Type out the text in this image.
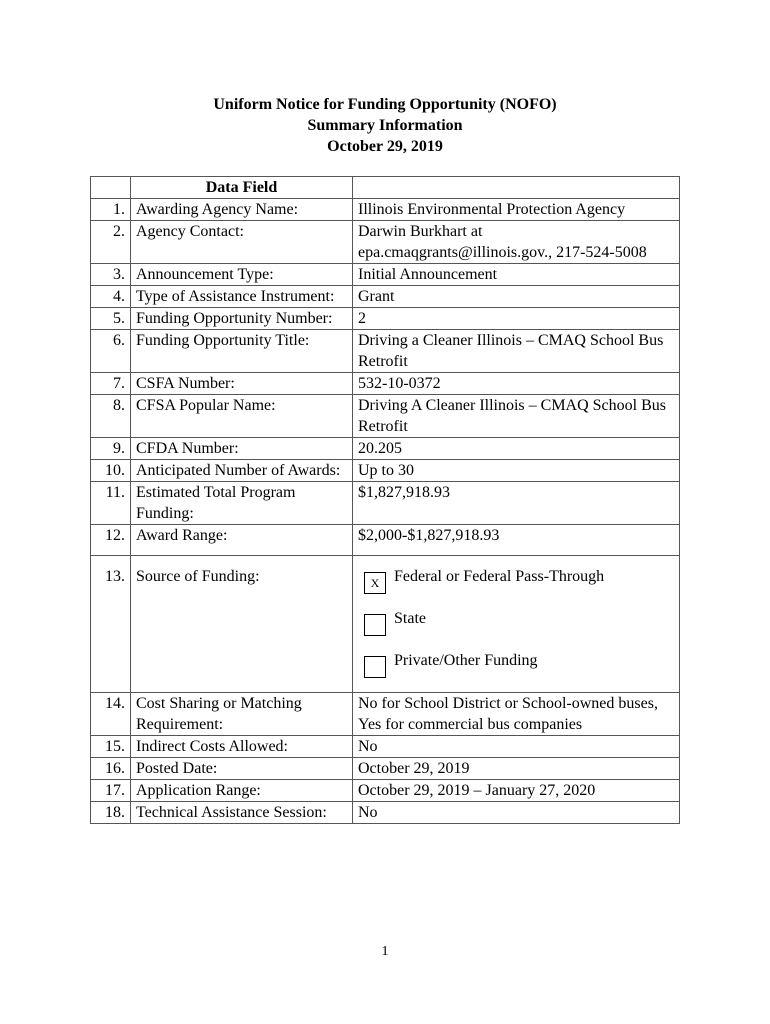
Uniform Notice for Funding Opportunity (NOFO)
Summary Information
October 29, 2019
	Data Field	
1.	Awarding Agency Name:	Illinois Environmental Protection Agency
2.	Agency Contact:	Darwin Burkhart at epa.cmaqgrants@illinois.gov., 217-524-5008
3.	Announcement Type:	Initial Announcement
4.	Type of Assistance Instrument:	Grant
5.	Funding Opportunity Number:	2
6.	Funding Opportunity Title:	Driving a Cleaner Illinois – CMAQ School Bus Retrofit
7.	CSFA Number:	532-10-0372
8.	CFSA Popular Name:	Driving A Cleaner Illinois – CMAQ School Bus Retrofit
9.	CFDA Number:	20.205
10.	Anticipated Number of Awards:	Up to 30
11.	Estimated Total Program Funding:	$1,827,918.93
12.	Award Range:	$2,000-$1,827,918.93
13.	Source of Funding:	X Federal or Federal Pass-Through
State
Private/Other Funding

14.	Cost Sharing or Matching Requirement:	No for School District or School-owned buses, Yes for commercial bus companies
15.	Indirect Costs Allowed:	No
16.	Posted Date:	October 29, 2019
17.	Application Range:	October 29, 2019 – January 27, 2020
18.	Technical Assistance Session:	No
1
